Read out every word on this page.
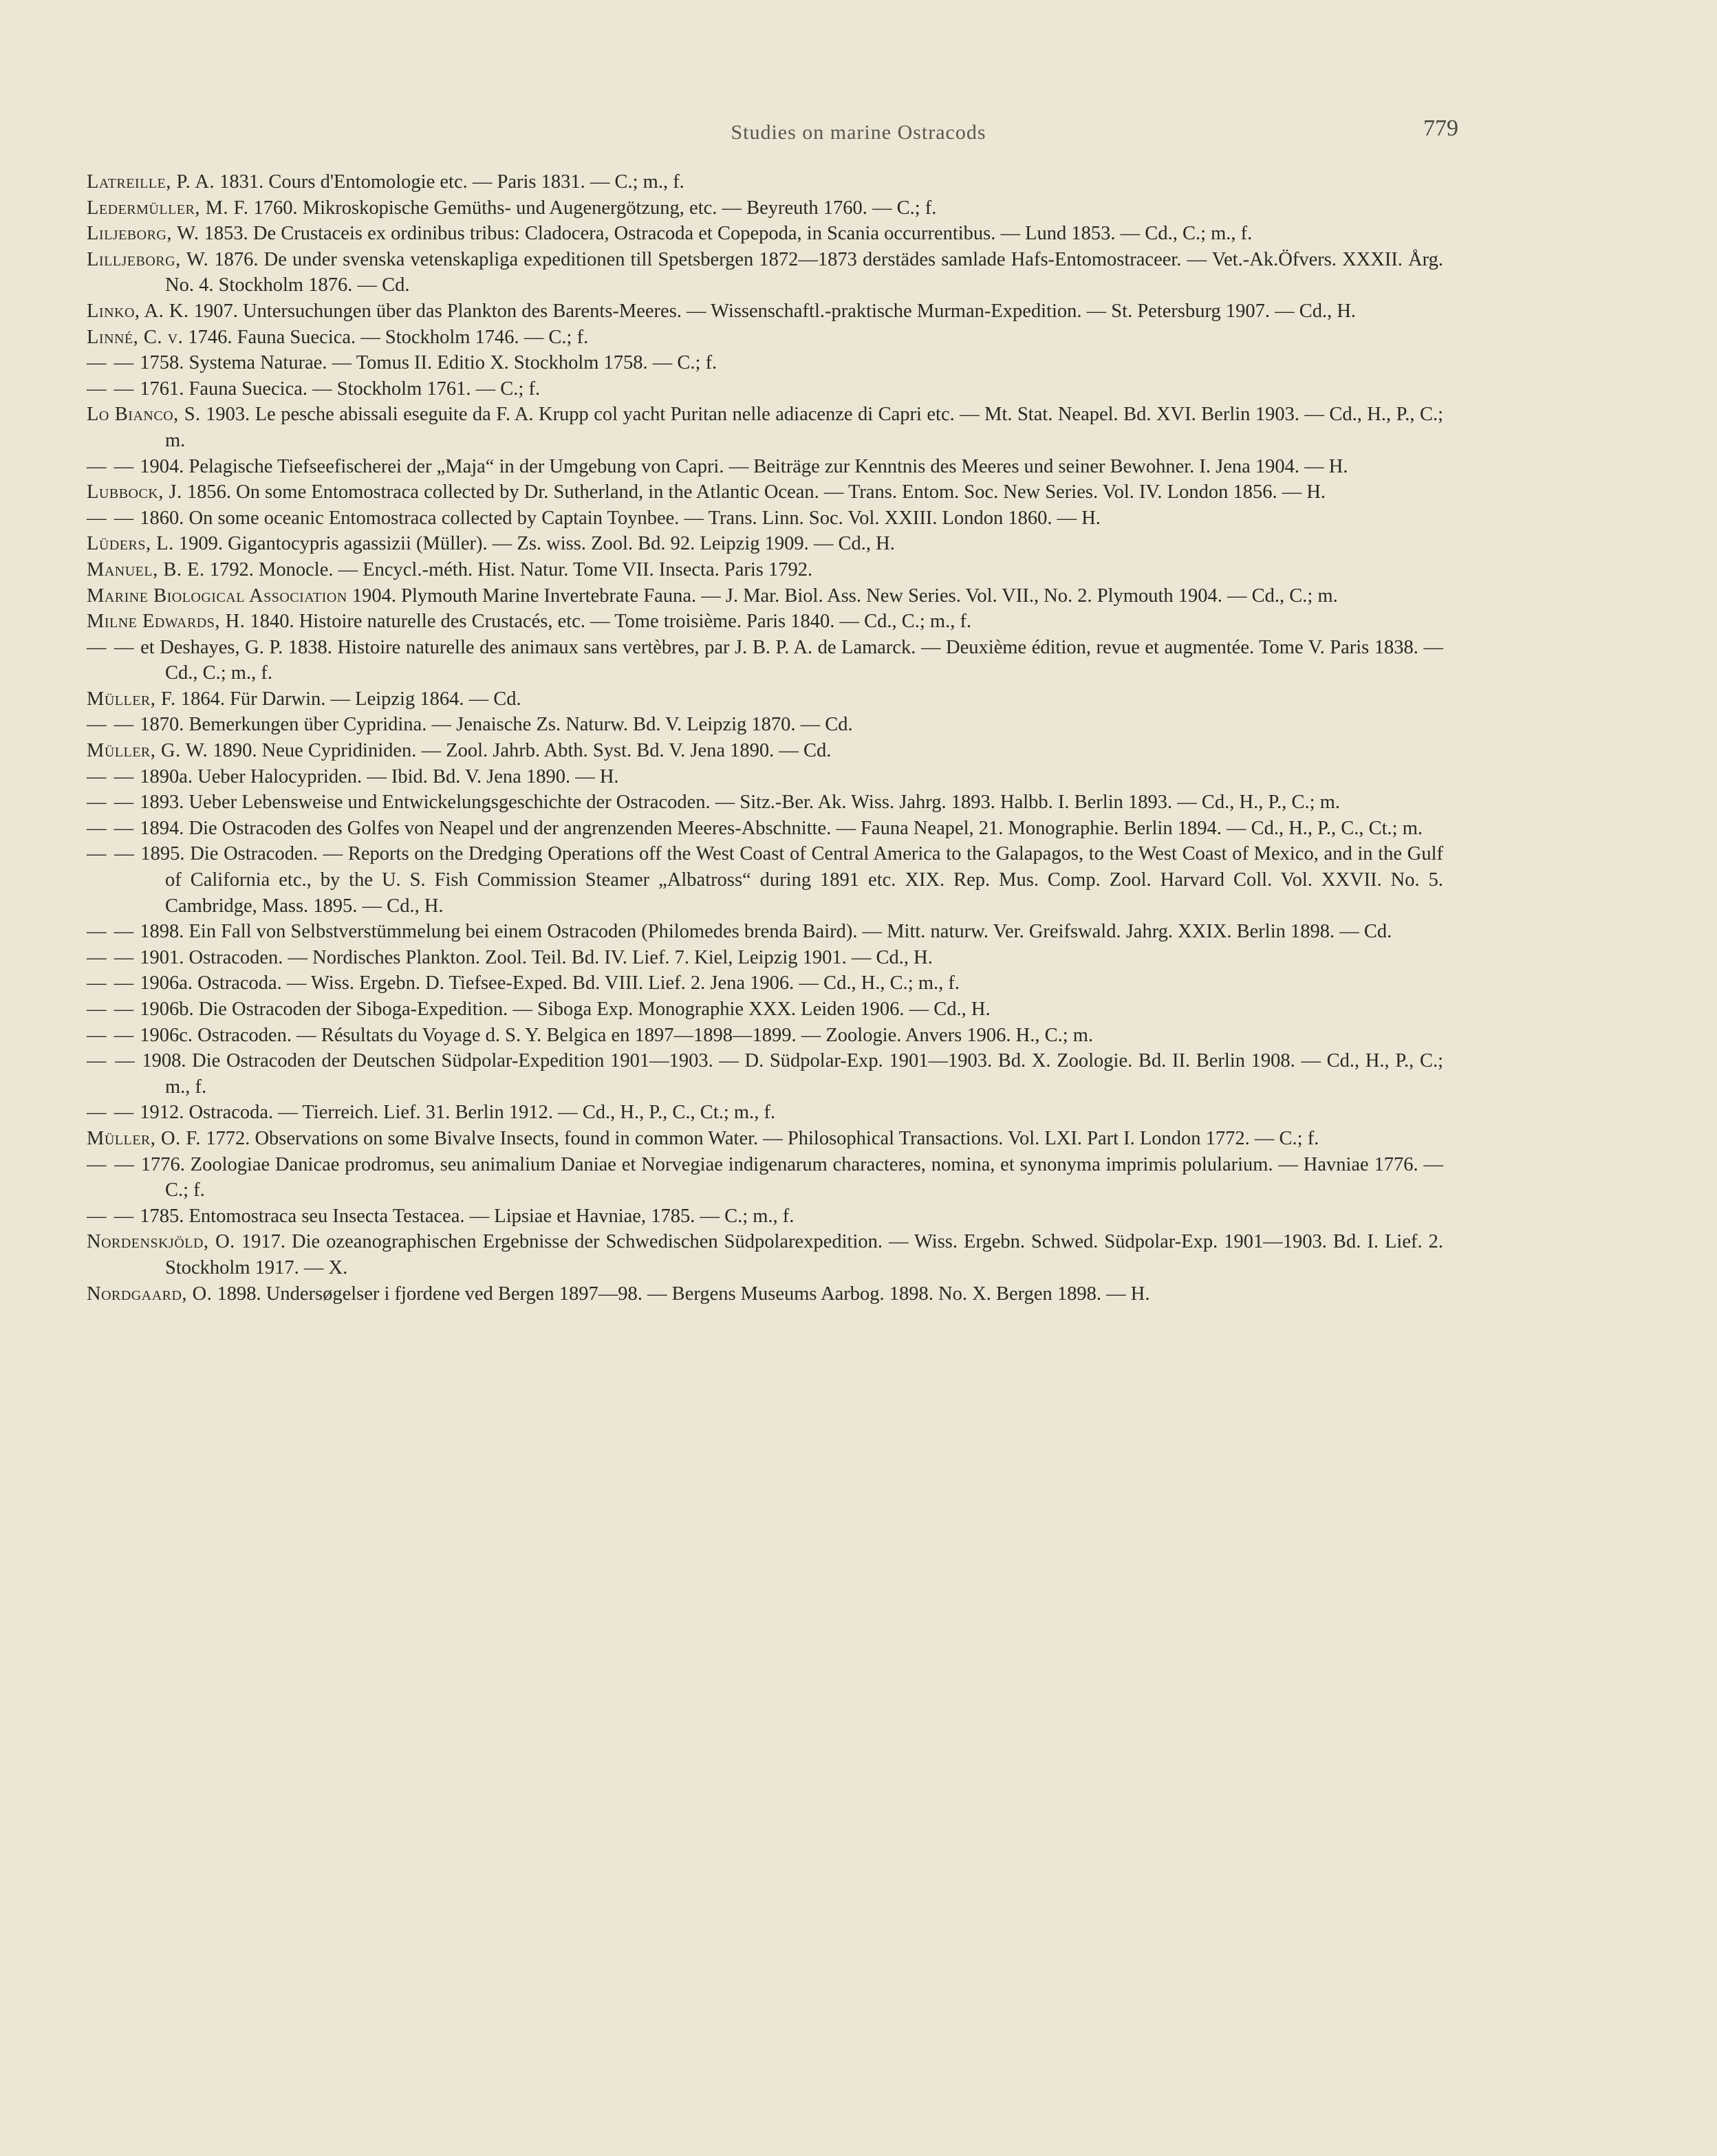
Studies on marine Ostracods	779
Latreille, P. A. 1831. Cours d'Entomologie etc. — Paris 1831. — C.; m., f.
Ledermüller, M. F. 1760. Mikroskopische Gemüths- und Augenergötzung, etc. — Beyreuth 1760. — C.; f.
Liljeborg, W. 1853. De Crustaceis ex ordinibus tribus: Cladocera, Ostracoda et Copepoda, in Scania occurrentibus. — Lund 1853. — Cd., C.; m., f.
Lilljeborg, W. 1876. De under svenska vetenskapliga expeditionen till Spetsbergen 1872—1873 derstädes samlade Hafs-Entomostraceer. — Vet.-Ak.Öfvers. XXXII. Årg. No. 4. Stockholm 1876. — Cd.
Linko, A. K. 1907. Untersuchungen über das Plankton des Barents-Meeres. — Wissenschaftl.-praktische Murman-Expedition. — St. Petersburg 1907. — Cd., H.
Linné, C. v. 1746. Fauna Suecica. — Stockholm 1746. — C.; f.
— — 1758. Systema Naturae. — Tomus II. Editio X. Stockholm 1758. — C.; f.
— — 1761. Fauna Suecica. — Stockholm 1761. — C.; f.
Lo Bianco, S. 1903. Le pesche abissali eseguite da F. A. Krupp col yacht Puritan nelle adiacenze di Capri etc. — Mt. Stat. Neapel. Bd. XVI. Berlin 1903. — Cd., H., P., C.; m.
— — 1904. Pelagische Tiefseefischerei der „Maja“ in der Umgebung von Capri. — Beiträge zur Kenntnis des Meeres und seiner Bewohner. I. Jena 1904. — H.
Lubbock, J. 1856. On some Entomostraca collected by Dr. Sutherland, in the Atlantic Ocean. — Trans. Entom. Soc. New Series. Vol. IV. London 1856. — H.
— — 1860. On some oceanic Entomostraca collected by Captain Toynbee. — Trans. Linn. Soc. Vol. XXIII. London 1860. — H.
Lüders, L. 1909. Gigantocypris agassizii (Müller). — Zs. wiss. Zool. Bd. 92. Leipzig 1909. — Cd., H.
Manuel, B. E. 1792. Monocle. — Encycl.-méth. Hist. Natur. Tome VII. Insecta. Paris 1792.
Marine Biological Association 1904. Plymouth Marine Invertebrate Fauna. — J. Mar. Biol. Ass. New Series. Vol. VII., No. 2. Plymouth 1904. — Cd., C.; m.
Milne Edwards, H. 1840. Histoire naturelle des Crustacés, etc. — Tome troisième. Paris 1840. — Cd., C.; m., f.
— — et Deshayes, G. P. 1838. Histoire naturelle des animaux sans vertèbres, par J. B. P. A. de Lamarck. — Deuxième édition, revue et augmentée. Tome V. Paris 1838. — Cd., C.; m., f.
Müller, F. 1864. Für Darwin. — Leipzig 1864. — Cd.
— — 1870. Bemerkungen über Cypridina. — Jenaische Zs. Naturw. Bd. V. Leipzig 1870. — Cd.
Müller, G. W. 1890. Neue Cypridiniden. — Zool. Jahrb. Abth. Syst. Bd. V. Jena 1890. — Cd.
— — 1890a. Ueber Halocypriden. — Ibid. Bd. V. Jena 1890. — H.
— — 1893. Ueber Lebensweise und Entwickelungsgeschichte der Ostracoden. — Sitz.-Ber. Ak. Wiss. Jahrg. 1893. Halbb. I. Berlin 1893. — Cd., H., P., C.; m.
— — 1894. Die Ostracoden des Golfes von Neapel und der angrenzenden Meeres-Abschnitte. — Fauna Neapel, 21. Monographie. Berlin 1894. — Cd., H., P., C., Ct.; m.
— — 1895. Die Ostracoden. — Reports on the Dredging Operations off the West Coast of Central America to the Galapagos, to the West Coast of Mexico, and in the Gulf of California etc., by the U. S. Fish Commission Steamer „Albatross“ during 1891 etc. XIX. Rep. Mus. Comp. Zool. Harvard Coll. Vol. XXVII. No. 5. Cambridge, Mass. 1895. — Cd., H.
— — 1898. Ein Fall von Selbstverstümmelung bei einem Ostracoden (Philomedes brenda Baird). — Mitt. naturw. Ver. Greifswald. Jahrg. XXIX. Berlin 1898. — Cd.
— — 1901. Ostracoden. — Nordisches Plankton. Zool. Teil. Bd. IV. Lief. 7. Kiel, Leipzig 1901. — Cd., H.
— — 1906a. Ostracoda. — Wiss. Ergebn. D. Tiefsee-Exped. Bd. VIII. Lief. 2. Jena 1906. — Cd., H., C.; m., f.
— — 1906b. Die Ostracoden der Siboga-Expedition. — Siboga Exp. Monographie XXX. Leiden 1906. — Cd., H.
— — 1906c. Ostracoden. — Résultats du Voyage d. S. Y. Belgica en 1897—1898—1899. — Zoologie. Anvers 1906. H., C.; m.
— — 1908. Die Ostracoden der Deutschen Südpolar-Expedition 1901—1903. — D. Südpolar-Exp. 1901—1903. Bd. X. Zoologie. Bd. II. Berlin 1908. — Cd., H., P., C.; m., f.
— — 1912. Ostracoda. — Tierreich. Lief. 31. Berlin 1912. — Cd., H., P., C., Ct.; m., f.
Müller, O. F. 1772. Observations on some Bivalve Insects, found in common Water. — Philosophical Transactions. Vol. LXI. Part I. London 1772. — C.; f.
— — 1776. Zoologiae Danicae prodromus, seu animalium Daniae et Norvegiae indigenarum characteres, nomina, et synonyma imprimis polularium. — Havniae 1776. — C.; f.
— — 1785. Entomostraca seu Insecta Testacea. — Lipsiae et Havniae, 1785. — C.; m., f.
Nordenskjöld, O. 1917. Die ozeanographischen Ergebnisse der Schwedischen Südpolarexpedition. — Wiss. Ergebn. Schwed. Südpolar-Exp. 1901—1903. Bd. I. Lief. 2. Stockholm 1917. — X.
Nordgaard, O. 1898. Undersøgelser i fjordene ved Bergen 1897—98. — Bergens Museums Aarbog. 1898. No. X. Bergen 1898. — H.
